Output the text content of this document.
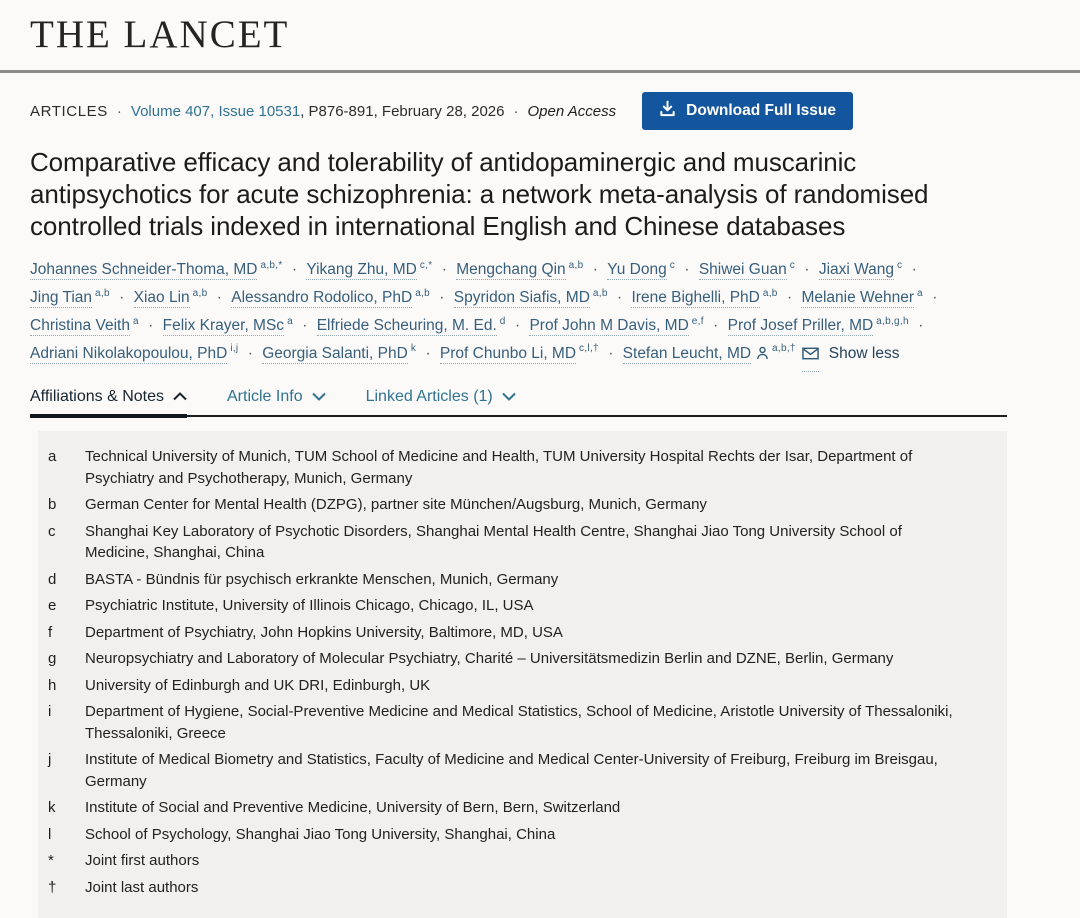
THE LANCET
ARTICLES · Volume 407, Issue 10531 , P876-891, February 28, 2026 · Open Access	Download Full Issue
Comparative efficacy and tolerability of antidopaminergic and muscarinic antipsychotics for acute schizophrenia: a network meta-analysis of randomised controlled trials indexed in international English and Chinese databases
Johannes Schneider-Thoma, MD $^{a,b,*}$ · Yikang Zhu, MD $^{c,*}$ · Mengchang Qin $^{a,b}$ · Yu Dong $^c$ · Shiwei Guan $^c$ · Jiaxi Wang $^c$ · Jing Tian $^{a,b}$ · Xiao Lin $^{a,b}$ · Alessandro Rodolico, PhD $^{a,b}$ · Spyridon Siafis, MD $^{a,b}$ · Irene Bighelli, PhD $^{a,b}$ · Melanie Wehner $^a$ · Christina Veith $^a$ · Felix Krayer, MSc $^a$ · Elfriede Scheuring, M. Ed. $^d$ · Prof John M Davis, MD $^{e,f}$ · Prof Josef Priller, MD $^{a,b,g,h}$ · Adriani Nikolakopoulou, PhD $^{i,j}$ · Georgia Salanti, PhD $^k$ · Prof Chunbo Li, MD $^{c,l,\dagger}$ · Stefan Leucht, MD $^{a,b,\dagger}$ Show less
Affiliations & Notes	Article Info	Linked Articles (1)
a	Technical University of Munich, TUM School of Medicine and Health, TUM University Hospital Rechts der Isar, Department of Psychiatry and Psychotherapy, Munich, Germany
b	German Center for Mental Health (DZPG), partner site München/Augsburg, Munich, Germany
c	Shanghai Key Laboratory of Psychotic Disorders, Shanghai Mental Health Centre, Shanghai Jiao Tong University School of Medicine, Shanghai, China
d	BASTA - Bündnis für psychisch erkrankte Menschen, Munich, Germany
e	Psychiatric Institute, University of Illinois Chicago, Chicago, IL, USA
f	Department of Psychiatry, John Hopkins University, Baltimore, MD, USA
g	Neuropsychiatry and Laboratory of Molecular Psychiatry, Charité – Universitätsmedizin Berlin and DZNE, Berlin, Germany
h	University of Edinburgh and UK DRI, Edinburgh, UK
i	Department of Hygiene, Social-Preventive Medicine and Medical Statistics, School of Medicine, Aristotle University of Thessaloniki, Thessaloniki, Greece
j	Institute of Medical Biometry and Statistics, Faculty of Medicine and Medical Center-University of Freiburg, Freiburg im Breisgau, Germany
k	Institute of Social and Preventive Medicine, University of Bern, Bern, Switzerland
l	School of Psychology, Shanghai Jiao Tong University, Shanghai, China
*	Joint first authors
†	Joint last authors
